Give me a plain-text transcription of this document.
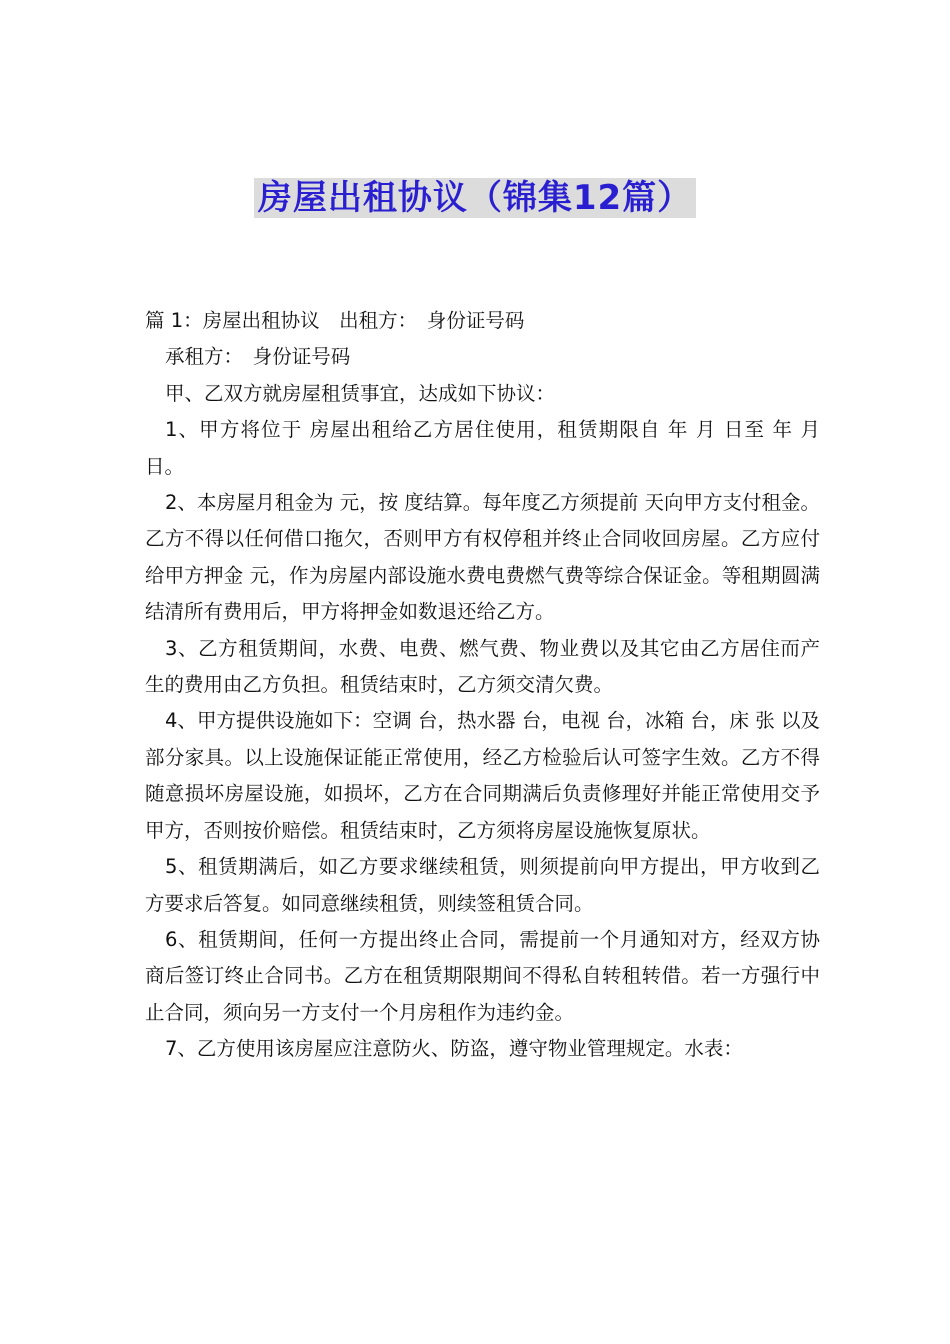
房屋出租协议（锦集12篇）

篇 1：房屋出租协议　出租方：　身份证号码

承租方：　身份证号码

甲、乙双方就房屋租赁事宜，达成如下协议：

1、甲方将位于 房屋出租给乙方居住使用，租赁期限自 年 月 日至 年 月 日。

2、本房屋月租金为 元，按 度结算。每年度乙方须提前 天向甲方支付租金。乙方不得以任何借口拖欠，否则甲方有权停租并终止合同收回房屋。乙方应付给甲方押金 元，作为房屋内部设施水费电费燃气费等综合保证金。等租期圆满结清所有费用后，甲方将押金如数退还给乙方。

3、乙方租赁期间，水费、电费、燃气费、物业费以及其它由乙方居住而产生的费用由乙方负担。租赁结束时，乙方须交清欠费。

4、甲方提供设施如下：空调 台，热水器 台，电视 台，冰箱 台，床 张 以及部分家具。以上设施保证能正常使用，经乙方检验后认可签字生效。乙方不得随意损坏房屋设施，如损坏，乙方在合同期满后负责修理好并能正常使用交予甲方，否则按价赔偿。租赁结束时，乙方须将房屋设施恢复原状。

5、租赁期满后，如乙方要求继续租赁，则须提前向甲方提出，甲方收到乙方要求后答复。如同意继续租赁，则续签租赁合同。

6、租赁期间，任何一方提出终止合同，需提前一个月通知对方，经双方协商后签订终止合同书。乙方在租赁期限期间不得私自转租转借。若一方强行中止合同，须向另一方支付一个月房租作为违约金。

7、乙方使用该房屋应注意防火、防盗，遵守物业管理规定。水表：
